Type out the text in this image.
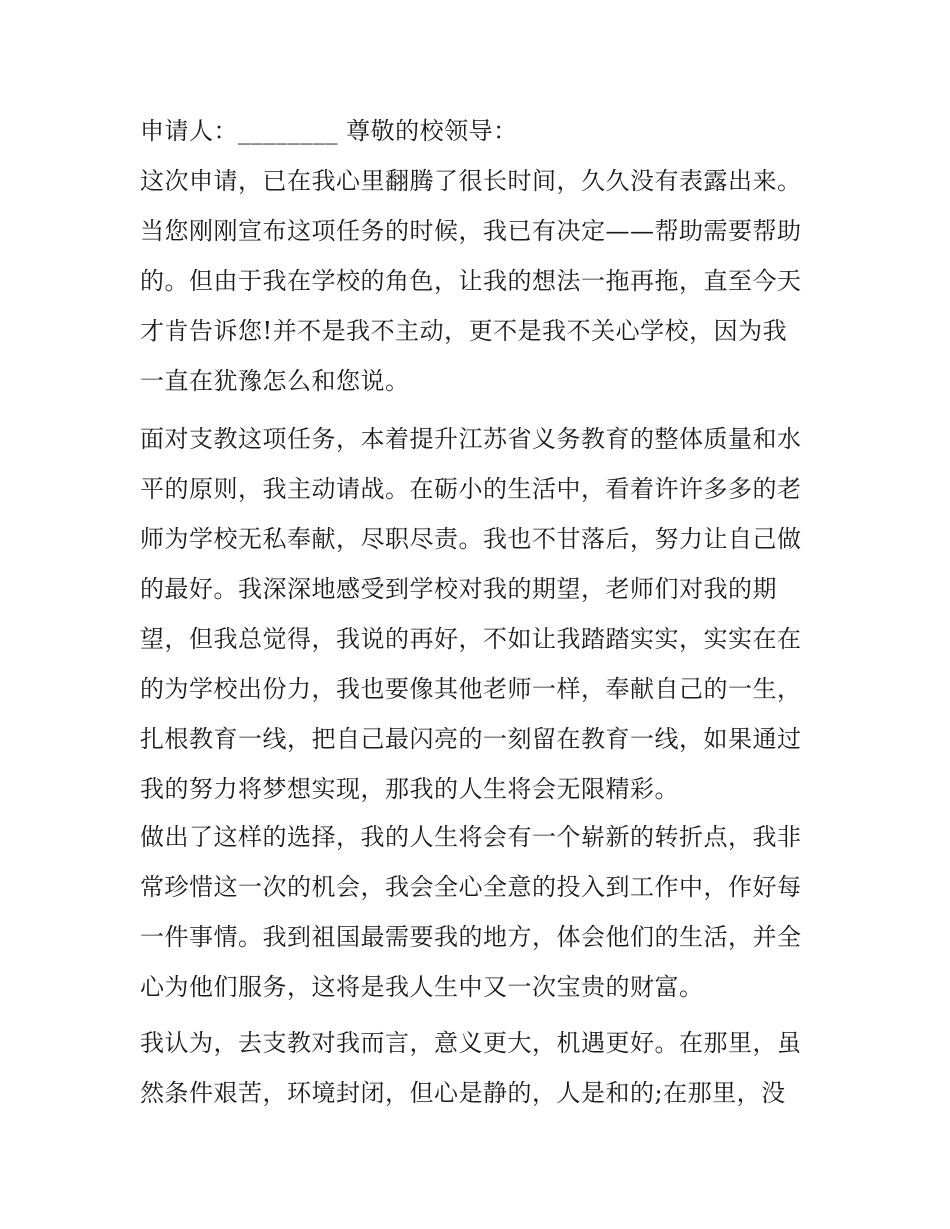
申请人：________ 尊敬的校领导：
这次申请，已在我心里翻腾了很长时间，久久没有表露出来。
当您刚刚宣布这项任务的时候，我已有决定——帮助需要帮助
的。但由于我在学校的角色，让我的想法一拖再拖，直至今天
才肯告诉您!并不是我不主动，更不是我不关心学校，因为我
一直在犹豫怎么和您说。
面对支教这项任务，本着提升江苏省义务教育的整体质量和水
平的原则，我主动请战。在砺小的生活中，看着许许多多的老
师为学校无私奉献，尽职尽责。我也不甘落后，努力让自己做
的最好。我深深地感受到学校对我的期望，老师们对我的期
望，但我总觉得，我说的再好，不如让我踏踏实实，实实在在
的为学校出份力，我也要像其他老师一样，奉献自己的一生，
扎根教育一线，把自己最闪亮的一刻留在教育一线，如果通过
我的努力将梦想实现，那我的人生将会无限精彩。
做出了这样的选择，我的人生将会有一个崭新的转折点，我非
常珍惜这一次的机会，我会全心全意的投入到工作中，作好每
一件事情。我到祖国最需要我的地方，体会他们的生活，并全
心为他们服务，这将是我人生中又一次宝贵的财富。
我认为，去支教对我而言，意义更大，机遇更好。在那里，虽
然条件艰苦，环境封闭，但心是静的，人是和的;在那里，没
